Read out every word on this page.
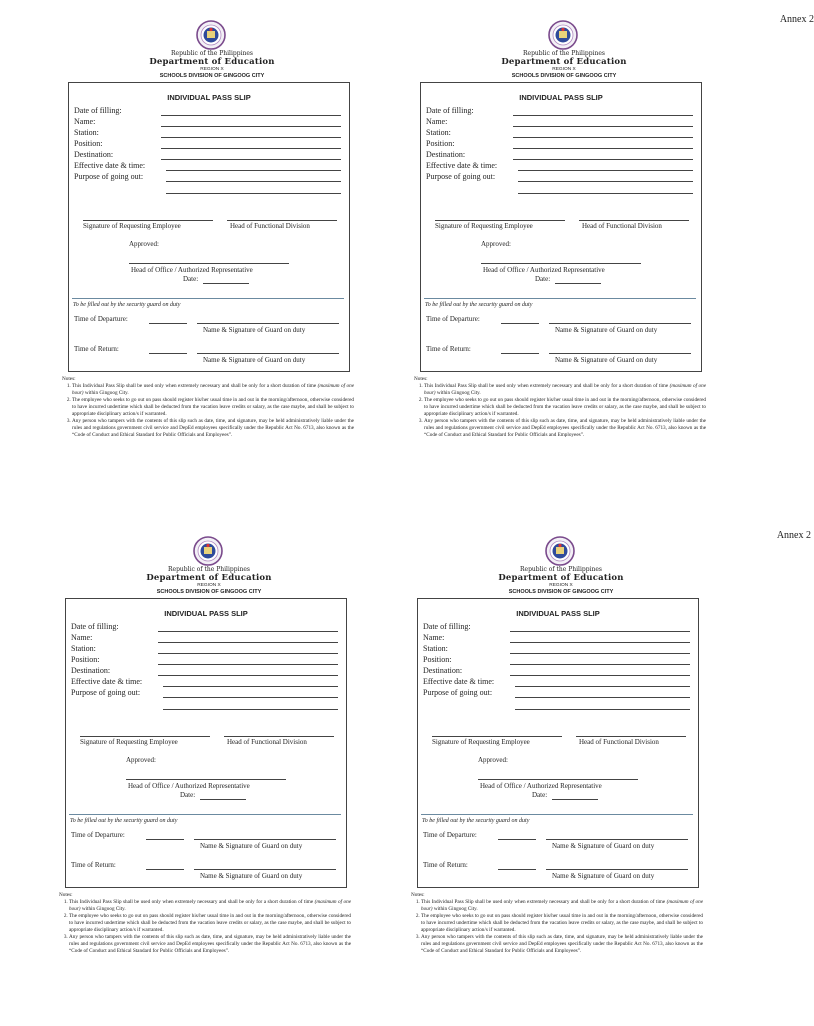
Republic of the Philippines
Department of Education
REGION X
SCHOOLS DIVISION OF GINGOOG CITY
INDIVIDUAL PASS SLIP
Date of filling:
Name:
Station:
Position:
Destination:
Effective date & time:
Purpose of going out:
Signature of Requesting Employee	Head of Functional Division
Approved:
Head of Office / Authorized Representative
Date:
To be filled out by the security guard on duty
Time of Departure:
Name & Signature of Guard on duty
Time of Return:
Name & Signature of Guard on duty
Notes:
1. This Individual Pass Slip shall be used only when extremely necessary and shall be only for a short duration of time (maximum of one hour) within Gingoog City.
2. The employee who seeks to go out on pass should register his/her usual time in and out in the morning/afternoon, otherwise considered to have incurred undertime which shall be deducted from the vacation leave credits or salary, as the case maybe, and shall be subject to appropriate disciplinary action/s if warranted.
3. Any person who tampers with the contents of this slip such as date, time, and signature, may be held administratively liable under the rules and regulations government civil service and DepEd employees specifically under the Republic Act No. 6713, also known as the “Code of Conduct and Ethical Standard for Public Officials and Employees”.
Republic of the Philippines
Department of Education
REGION X
SCHOOLS DIVISION OF GINGOOG CITY
INDIVIDUAL PASS SLIP
Date of filling:
Name:
Station:
Position:
Destination:
Effective date & time:
Purpose of going out:
Signature of Requesting Employee	Head of Functional Division
Approved:
Head of Office / Authorized Representative
Date:
To be filled out by the security guard on duty
Time of Departure:
Name & Signature of Guard on duty
Time of Return:
Name & Signature of Guard on duty
Notes:
1. This Individual Pass Slip shall be used only when extremely necessary and shall be only for a short duration of time (maximum of one hour) within Gingoog City.
2. The employee who seeks to go out on pass should register his/her usual time in and out in the morning/afternoon, otherwise considered to have incurred undertime which shall be deducted from the vacation leave credits or salary, as the case maybe, and shall be subject to appropriate disciplinary action/s if warranted.
3. Any person who tampers with the contents of this slip such as date, time, and signature, may be held administratively liable under the rules and regulations government civil service and DepEd employees specifically under the Republic Act No. 6713, also known as the “Code of Conduct and Ethical Standard for Public Officials and Employees”.
Annex 2
Republic of the Philippines
Department of Education
REGION X
SCHOOLS DIVISION OF GINGOOG CITY
INDIVIDUAL PASS SLIP
Date of filling:
Name:
Station:
Position:
Destination:
Effective date & time:
Purpose of going out:
Signature of Requesting Employee	Head of Functional Division
Approved:
Head of Office / Authorized Representative
Date:
To be filled out by the security guard on duty
Time of Departure:
Name & Signature of Guard on duty
Time of Return:
Name & Signature of Guard on duty
Notes:
1. This Individual Pass Slip shall be used only when extremely necessary and shall be only for a short duration of time (maximum of one hour) within Gingoog City.
2. The employee who seeks to go out on pass should register his/her usual time in and out in the morning/afternoon, otherwise considered to have incurred undertime which shall be deducted from the vacation leave credits or salary, as the case maybe, and shall be subject to appropriate disciplinary action/s if warranted.
3. Any person who tampers with the contents of this slip such as date, time, and signature, may be held administratively liable under the rules and regulations government civil service and DepEd employees specifically under the Republic Act No. 6713, also known as the “Code of Conduct and Ethical Standard for Public Officials and Employees”.
Republic of the Philippines
Department of Education
REGION X
SCHOOLS DIVISION OF GINGOOG CITY
INDIVIDUAL PASS SLIP
Date of filling:
Name:
Station:
Position:
Destination:
Effective date & time:
Purpose of going out:
Signature of Requesting Employee	Head of Functional Division
Approved:
Head of Office / Authorized Representative
Date:
To be filled out by the security guard on duty
Time of Departure:
Name & Signature of Guard on duty
Time of Return:
Name & Signature of Guard on duty
Notes:
1. This Individual Pass Slip shall be used only when extremely necessary and shall be only for a short duration of time (maximum of one hour) within Gingoog City.
2. The employee who seeks to go out on pass should register his/her usual time in and out in the morning/afternoon, otherwise considered to have incurred undertime which shall be deducted from the vacation leave credits or salary, as the case maybe, and shall be subject to appropriate disciplinary action/s if warranted.
3. Any person who tampers with the contents of this slip such as date, time, and signature, may be held administratively liable under the rules and regulations government civil service and DepEd employees specifically under the Republic Act No. 6713, also known as the “Code of Conduct and Ethical Standard for Public Officials and Employees”.
Annex 2
